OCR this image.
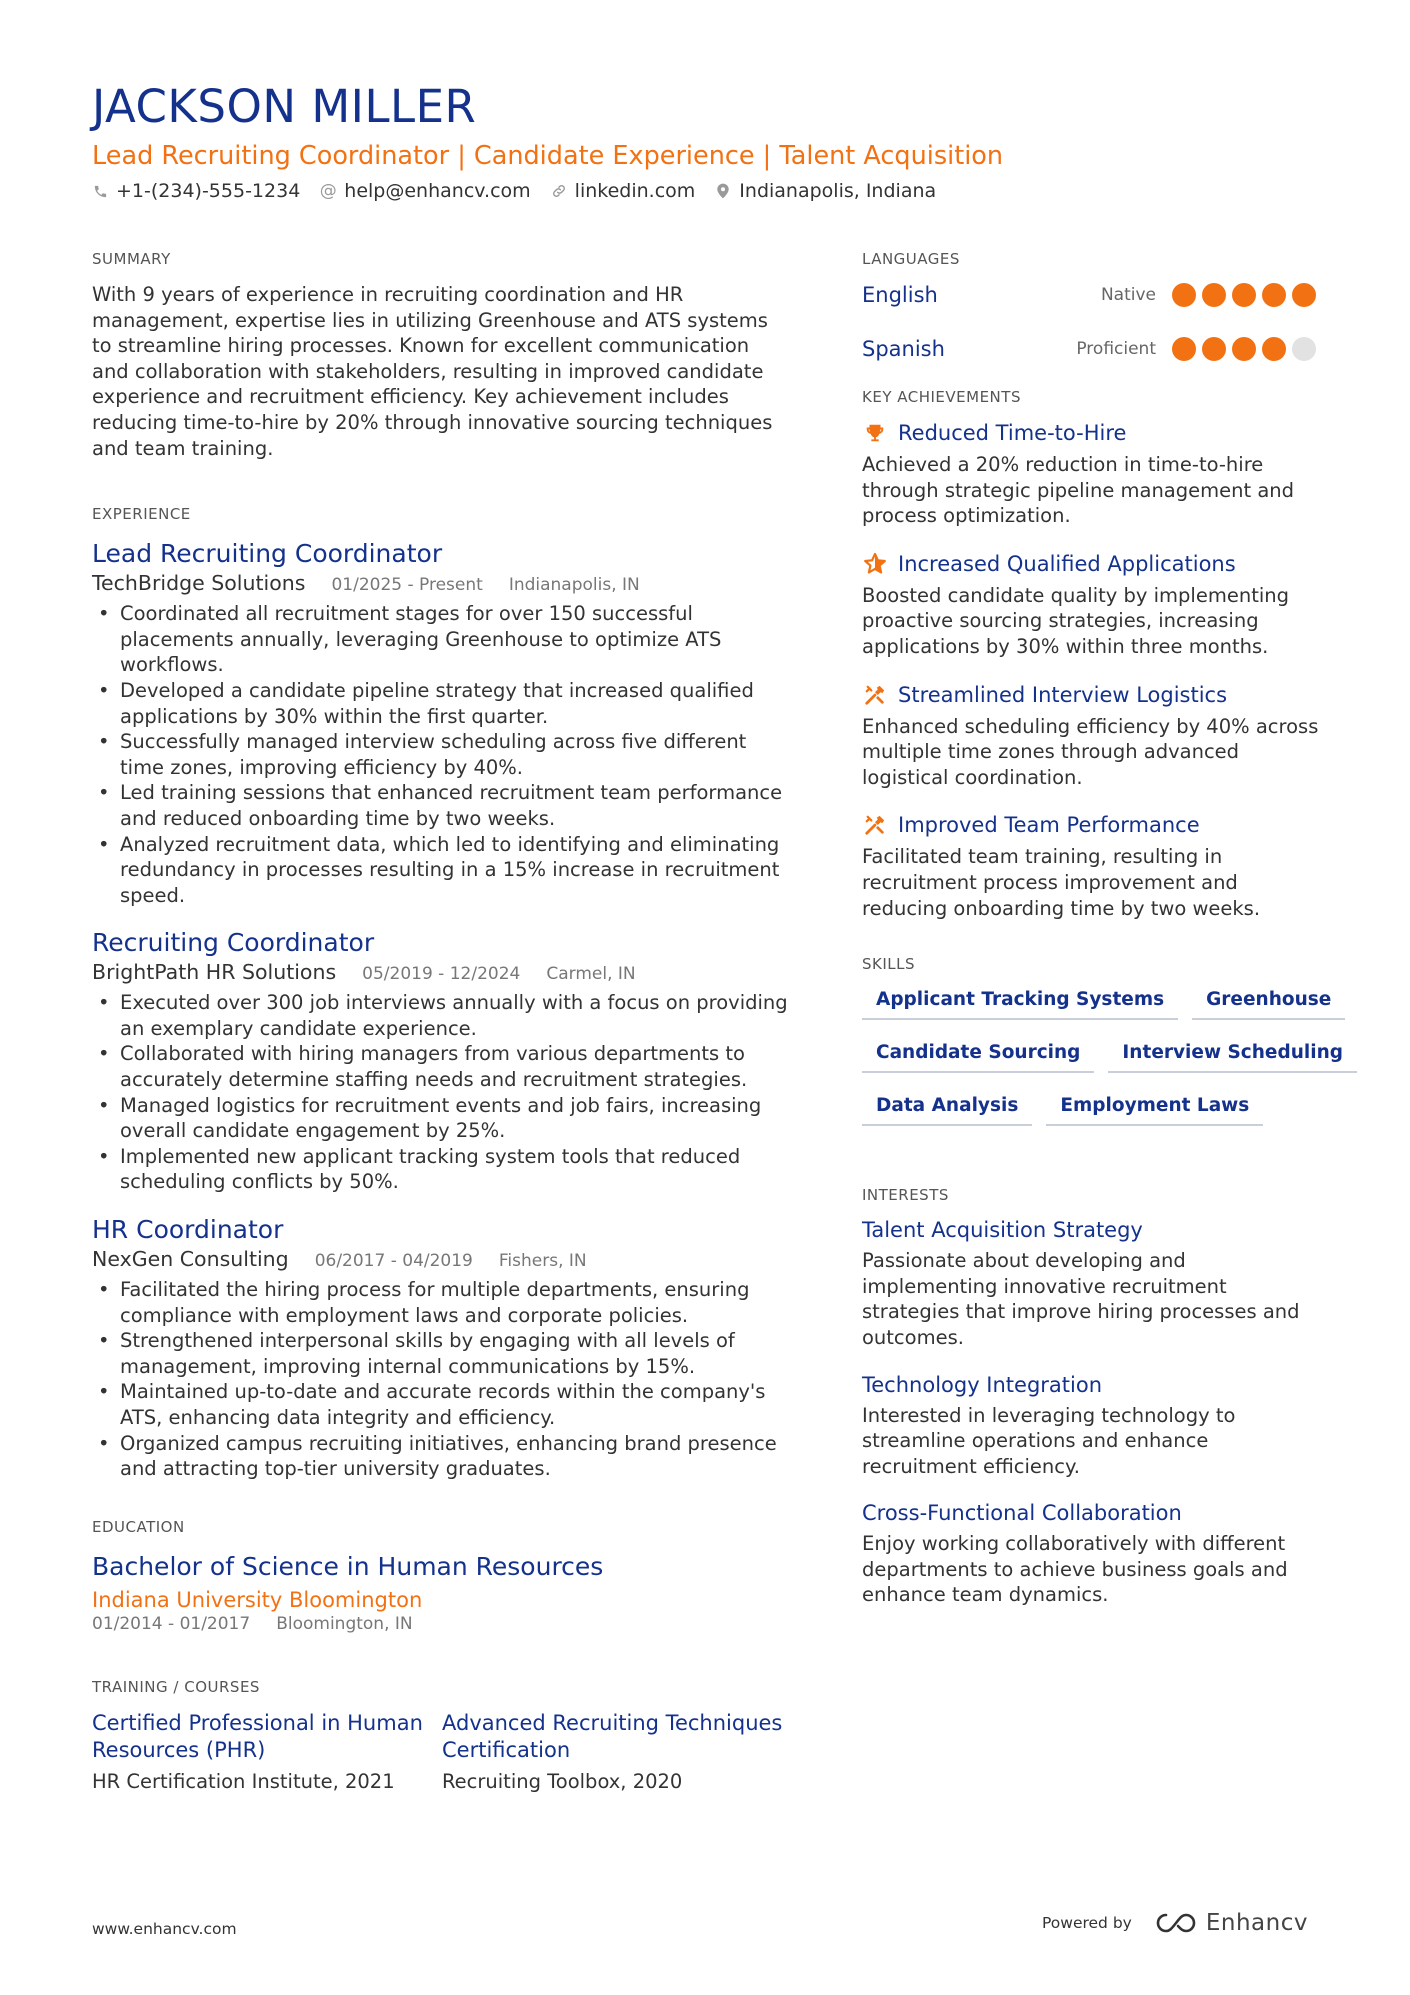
JACKSON MILLER
Lead Recruiting Coordinator | Candidate Experience | Talent Acquisition
+1-(234)-555-1234 @ help@enhancv.com linkedin.com Indianapolis, Indiana
SUMMARY

With 9 years of experience in recruiting coordination and HR management, expertise lies in utilizing Greenhouse and ATS systems to streamline hiring processes. Known for excellent communication and collaboration with stakeholders, resulting in improved candidate experience and recruitment efficiency. Key achievement includes reducing time-to-hire by 20% through innovative sourcing techniques and team training.

EXPERIENCE
Lead Recruiting Coordinator
TechBridge Solutions 01/2025 - Present Indianapolis, IN
• Coordinated all recruitment stages for over 150 successful placements annually, leveraging Greenhouse to optimize ATS workflows.
• Developed a candidate pipeline strategy that increased qualified applications by 30% within the first quarter.
• Successfully managed interview scheduling across five different time zones, improving efficiency by 40%.
• Led training sessions that enhanced recruitment team performance and reduced onboarding time by two weeks.
• Analyzed recruitment data, which led to identifying and eliminating redundancy in processes resulting in a 15% increase in recruitment speed.
Recruiting Coordinator
BrightPath HR Solutions 05/2019 - 12/2024 Carmel, IN
• Executed over 300 job interviews annually with a focus on providing an exemplary candidate experience.
• Collaborated with hiring managers from various departments to accurately determine staffing needs and recruitment strategies.
• Managed logistics for recruitment events and job fairs, increasing overall candidate engagement by 25%.
• Implemented new applicant tracking system tools that reduced scheduling conflicts by 50%.
HR Coordinator
NexGen Consulting 06/2017 - 04/2019 Fishers, IN
• Facilitated the hiring process for multiple departments, ensuring compliance with employment laws and corporate policies.
• Strengthened interpersonal skills by engaging with all levels of management, improving internal communications by 15%.
• Maintained up-to-date and accurate records within the company's ATS, enhancing data integrity and efficiency.
• Organized campus recruiting initiatives, enhancing brand presence and attracting top-tier university graduates.
EDUCATION
Bachelor of Science in Human Resources
Indiana University Bloomington
01/2014 - 01/2017 Bloomington, IN
TRAINING / COURSES
Certified Professional in Human Resources (PHR)
HR Certification Institute, 2021
Advanced Recruiting Techniques Certification
Recruiting Toolbox, 2020
LANGUAGES
English	Native
Spanish	Proficient
KEY ACHIEVEMENTS
Reduced Time-to-Hire
Achieved a 20% reduction in time-to-hire through strategic pipeline management and process optimization.
Increased Qualified Applications
Boosted candidate quality by implementing proactive sourcing strategies, increasing applications by 30% within three months.
Streamlined Interview Logistics
Enhanced scheduling efficiency by 40% across multiple time zones through advanced logistical coordination.
Improved Team Performance
Facilitated team training, resulting in recruitment process improvement and reducing onboarding time by two weeks.
SKILLS
Applicant Tracking Systems	Greenhouse
Candidate Sourcing	Interview Scheduling
Data Analysis	Employment Laws
INTERESTS
Talent Acquisition Strategy
Passionate about developing and implementing innovative recruitment strategies that improve hiring processes and outcomes.
Technology Integration
Interested in leveraging technology to streamline operations and enhance recruitment efficiency.
Cross-Functional Collaboration
Enjoy working collaboratively with different departments to achieve business goals and enhance team dynamics.
www.enhancv.com	Powered by	Enhancv
